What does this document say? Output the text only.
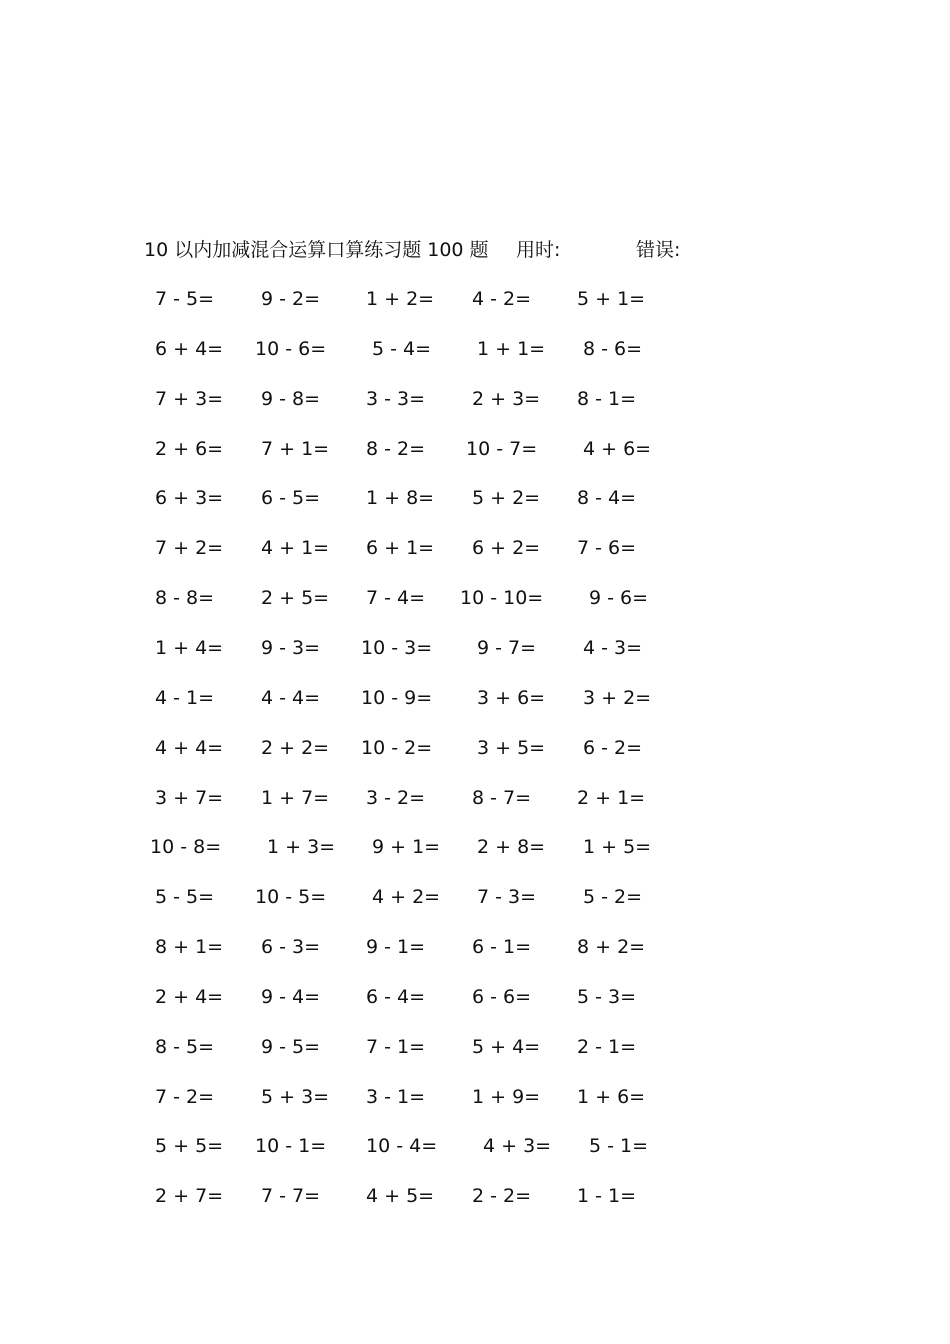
10 以内加减混合运算口算练习题 100 题 用时:	错误:
7 - 5= 9 - 2= 1 + 2= 4 - 2= 5 + 1=
6 + 4= 10 - 6= 5 - 4= 1 + 1= 8 - 6=
7 + 3= 9 - 8= 3 - 3= 2 + 3= 8 - 1=
2 + 6= 7 + 1= 8 - 2= 10 - 7= 4 + 6=
6 + 3= 6 - 5= 1 + 8= 5 + 2= 8 - 4=
7 + 2= 4 + 1= 6 + 1= 6 + 2= 7 - 6=
8 - 8= 2 + 5= 7 - 4= 10 - 10= 9 - 6=
1 + 4= 9 - 3= 10 - 3= 9 - 7= 4 - 3=
4 - 1= 4 - 4= 10 - 9= 3 + 6= 3 + 2=
4 + 4= 2 + 2= 10 - 2= 3 + 5= 6 - 2=
3 + 7= 1 + 7= 3 - 2= 8 - 7= 2 + 1=
10 - 8= 1 + 3= 9 + 1= 2 + 8= 1 + 5=
5 - 5= 10 - 5= 4 + 2= 7 - 3= 5 - 2=
8 + 1= 6 - 3= 9 - 1= 6 - 1= 8 + 2=
2 + 4= 9 - 4= 6 - 4= 6 - 6= 5 - 3=
8 - 5= 9 - 5= 7 - 1= 5 + 4= 2 - 1=
7 - 2= 5 + 3= 3 - 1= 1 + 9= 1 + 6=
5 + 5= 10 - 1= 10 - 4= 4 + 3= 5 - 1=
2 + 7= 7 - 7= 4 + 5= 2 - 2= 1 - 1=
